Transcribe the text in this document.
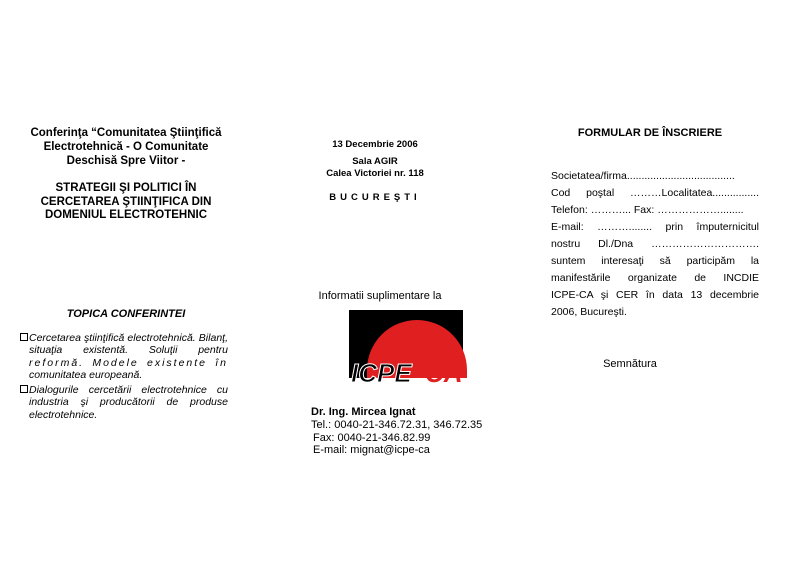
Conferinţa “Comunitatea Ştiinţifică Electrotehnică - O Comunitate Deschisă Spre Viitor -
STRATEGII ŞI POLITICI ÎN CERCETAREA ŞTIINŢIFICA DIN DOMENIUL ELECTROTEHNIC
TOPICA CONFERINTEI
Cercetarea ştiinţifică electrotehnică. Bilanţ, situaţia existentă. Soluţii pentru reformă. Modele existente în comunitatea europeană.
Dialogurile cercetării electrotehnice cu industria şi producătorii de produse electrotehnice.
13 Decembrie 2006
Sala AGIR
Calea Victoriei nr. 118
BUCUREŞTI
Informatii suplimentare la
ICPE CA
Dr. Ing. Mircea Ignat
Tel.: 0040-21-346.72.31, 346.72.35
Fax: 0040-21-346.82.99
E-mail: mignat@icpe-ca
FORMULAR DE ÎNSCRIERE
Societatea/firma.....................................
Cod poştal ………Localitatea................
Telefon: ………... Fax: ………………........
E-mail: ………........ prin împuternicitul
nostru Dl./Dna ………………………….
suntem interesaţi să participăm la
manifestările organizate de INCDIE
ICPE-CA şi CER în data 13 decembrie
2006, Bucureşti.
Semnătura
